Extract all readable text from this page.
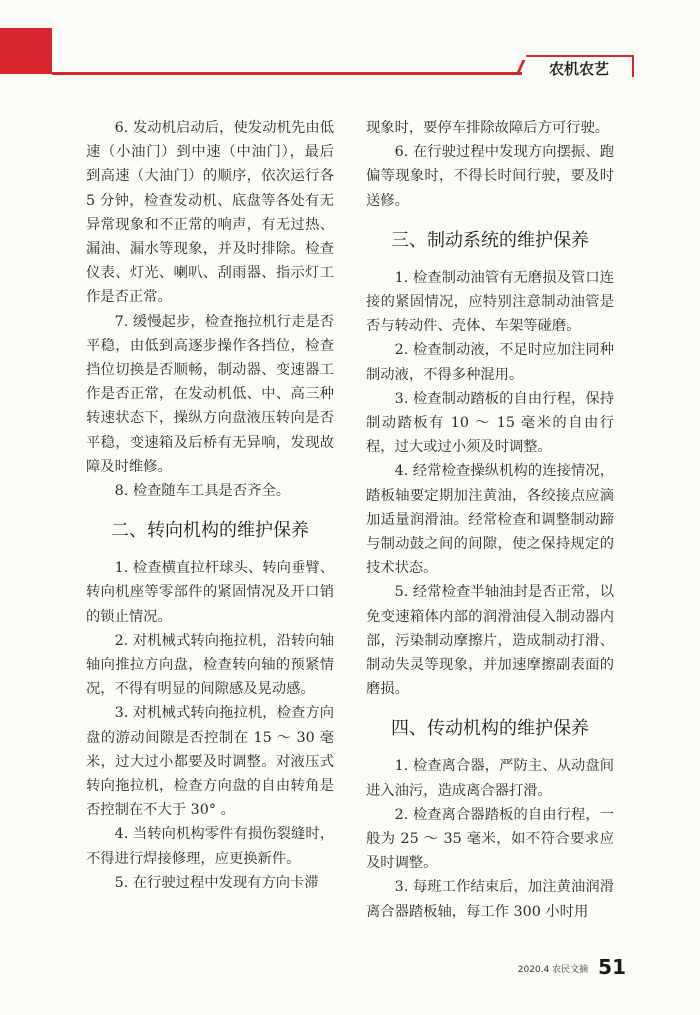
农机农艺

6. 发动机启动后，使发动机先由低速（小油门）到中速（中油门），最后到高速（大油门）的顺序，依次运行各 5 分钟，检查发动机、底盘等各处有无异常现象和不正常的响声，有无过热、漏油、漏水等现象，并及时排除。检查仪表、灯光、喇叭、刮雨器、指示灯工作是否正常。

7. 缓慢起步，检查拖拉机行走是否平稳，由低到高逐步操作各挡位，检查挡位切换是否顺畅，制动器、变速器工作是否正常，在发动机低、中、高三种转速状态下，操纵方向盘液压转向是否平稳，变速箱及后桥有无异响，发现故障及时维修。

8. 检查随车工具是否齐全。

二、转向机构的维护保养

1. 检查横直拉杆球头、转向垂臂、转向机座等零部件的紧固情况及开口销的锁止情况。

2. 对机械式转向拖拉机，沿转向轴轴向推拉方向盘，检查转向轴的预紧情况，不得有明显的间隙感及晃动感。

3. 对机械式转向拖拉机，检查方向盘的游动间隙是否控制在 15 ～ 30 毫米，过大过小都要及时调整。对液压式转向拖拉机，检查方向盘的自由转角是否控制在不大于 30° 。

4. 当转向机构零件有损伤裂缝时，不得进行焊接修理，应更换新件。

5. 在行驶过程中发现有方向卡滞

现象时，要停车排除故障后方可行驶。

6. 在行驶过程中发现方向摆振、跑偏等现象时，不得长时间行驶，要及时送修。

三、制动系统的维护保养

1. 检查制动油管有无磨损及管口连接的紧固情况，应特别注意制动油管是否与转动件、壳体、车架等碰磨。

2. 检查制动液，不足时应加注同种制动液，不得多种混用。

3. 检查制动踏板的自由行程，保持制动踏板有 10 ～ 15 毫米的自由行程，过大或过小须及时调整。

4. 经常检查操纵机构的连接情况，踏板轴要定期加注黄油，各绞接点应滴加适量润滑油。经常检查和调整制动蹄与制动鼓之间的间隙，使之保持规定的技术状态。

5. 经常检查半轴油封是否正常，以免变速箱体内部的润滑油侵入制动器内部，污染制动摩擦片，造成制动打滑、制动失灵等现象，并加速摩擦副表面的磨损。

四、传动机构的维护保养

1. 检查离合器，严防主、从动盘间进入油污，造成离合器打滑。

2. 检查离合器踏板的自由行程，一般为 25 ～ 35 毫米，如不符合要求应及时调整。

3. 每班工作结束后，加注黄油润滑离合器踏板轴，每工作 300 小时用

2020.4 农民文摘 51
